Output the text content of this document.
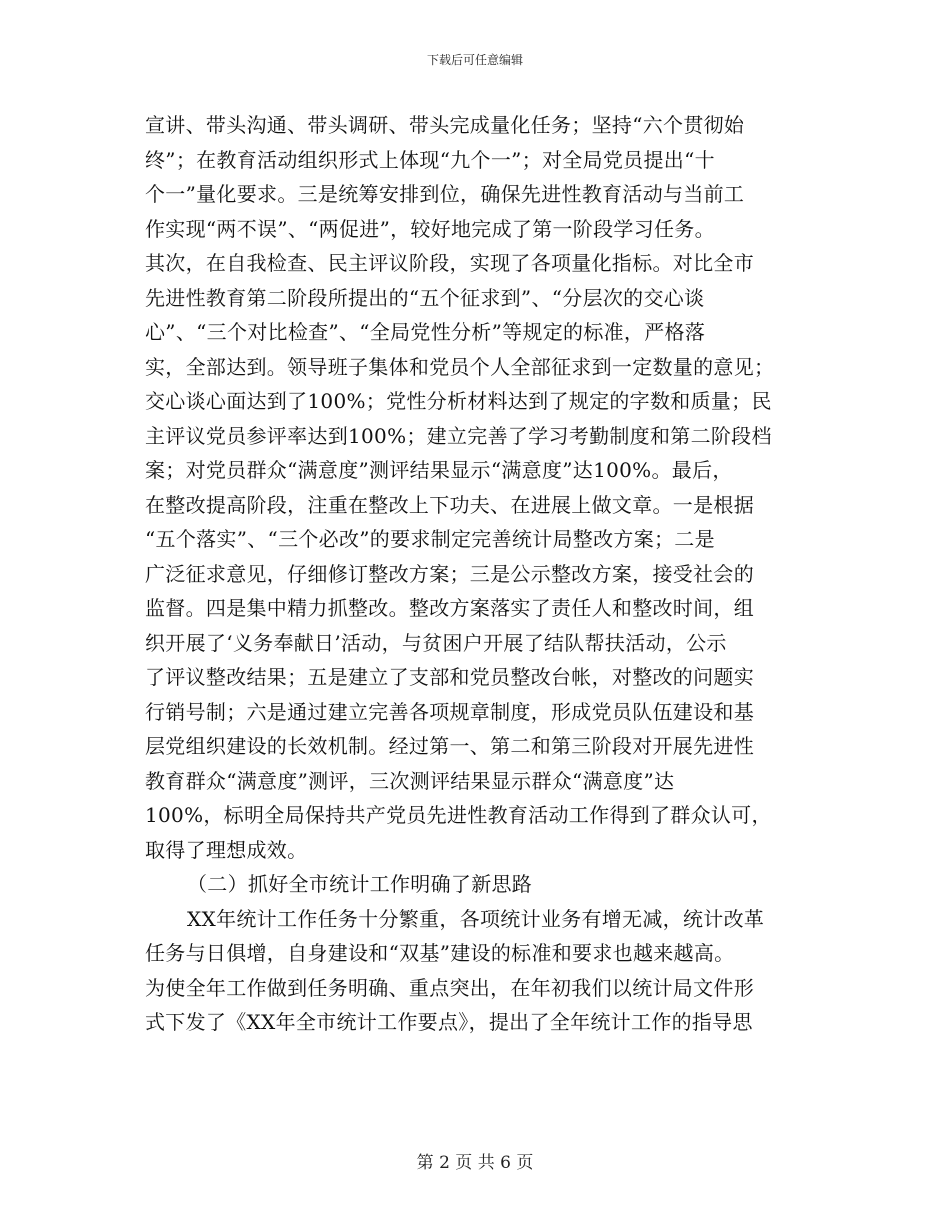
下载后可任意编辑
宣讲、带头沟通、带头调研、带头完成量化任务；坚持“六个贯彻始
终”；在教育活动组织形式上体现“九个一”；对全局党员提出“十
个一”量化要求。三是统筹安排到位，确保先进性教育活动与当前工
作实现“两不误”、“两促进”，较好地完成了第一阶段学习任务。
其次，在自我检查、民主评议阶段，实现了各项量化指标。对比全市
先进性教育第二阶段所提出的“五个征求到”、“分层次的交心谈
心”、“三个对比检查”、“全局党性分析”等规定的标准，严格落
实，全部达到。领导班子集体和党员个人全部征求到一定数量的意见；
交心谈心面达到了100%；党性分析材料达到了规定的字数和质量；民
主评议党员参评率达到100%；建立完善了学习考勤制度和第二阶段档
案；对党员群众“满意度”测评结果显示“满意度”达100%。最后，
在整改提高阶段，注重在整改上下功夫、在进展上做文章。一是根据
“五个落实”、“三个必改”的要求制定完善统计局整改方案；二是
广泛征求意见，仔细修订整改方案；三是公示整改方案，接受社会的
监督。四是集中精力抓整改。整改方案落实了责任人和整改时间，组
织开展了‘义务奉献日’活动，与贫困户开展了结队帮扶活动，公示
了评议整改结果；五是建立了支部和党员整改台帐，对整改的问题实
行销号制；六是通过建立完善各项规章制度，形成党员队伍建设和基
层党组织建设的长效机制。经过第一、第二和第三阶段对开展先进性
教育群众“满意度”测评，三次测评结果显示群众“满意度”达
100%，标明全局保持共产党员先进性教育活动工作得到了群众认可，
取得了理想成效。
（二）抓好全市统计工作明确了新思路
XX年统计工作任务十分繁重，各项统计业务有增无减，统计改革
任务与日俱增，自身建设和“双基”建设的标准和要求也越来越高。
为使全年工作做到任务明确、重点突出，在年初我们以统计局文件形
式下发了《XX年全市统计工作要点》，提出了全年统计工作的指导思
第 2 页 共 6 页
